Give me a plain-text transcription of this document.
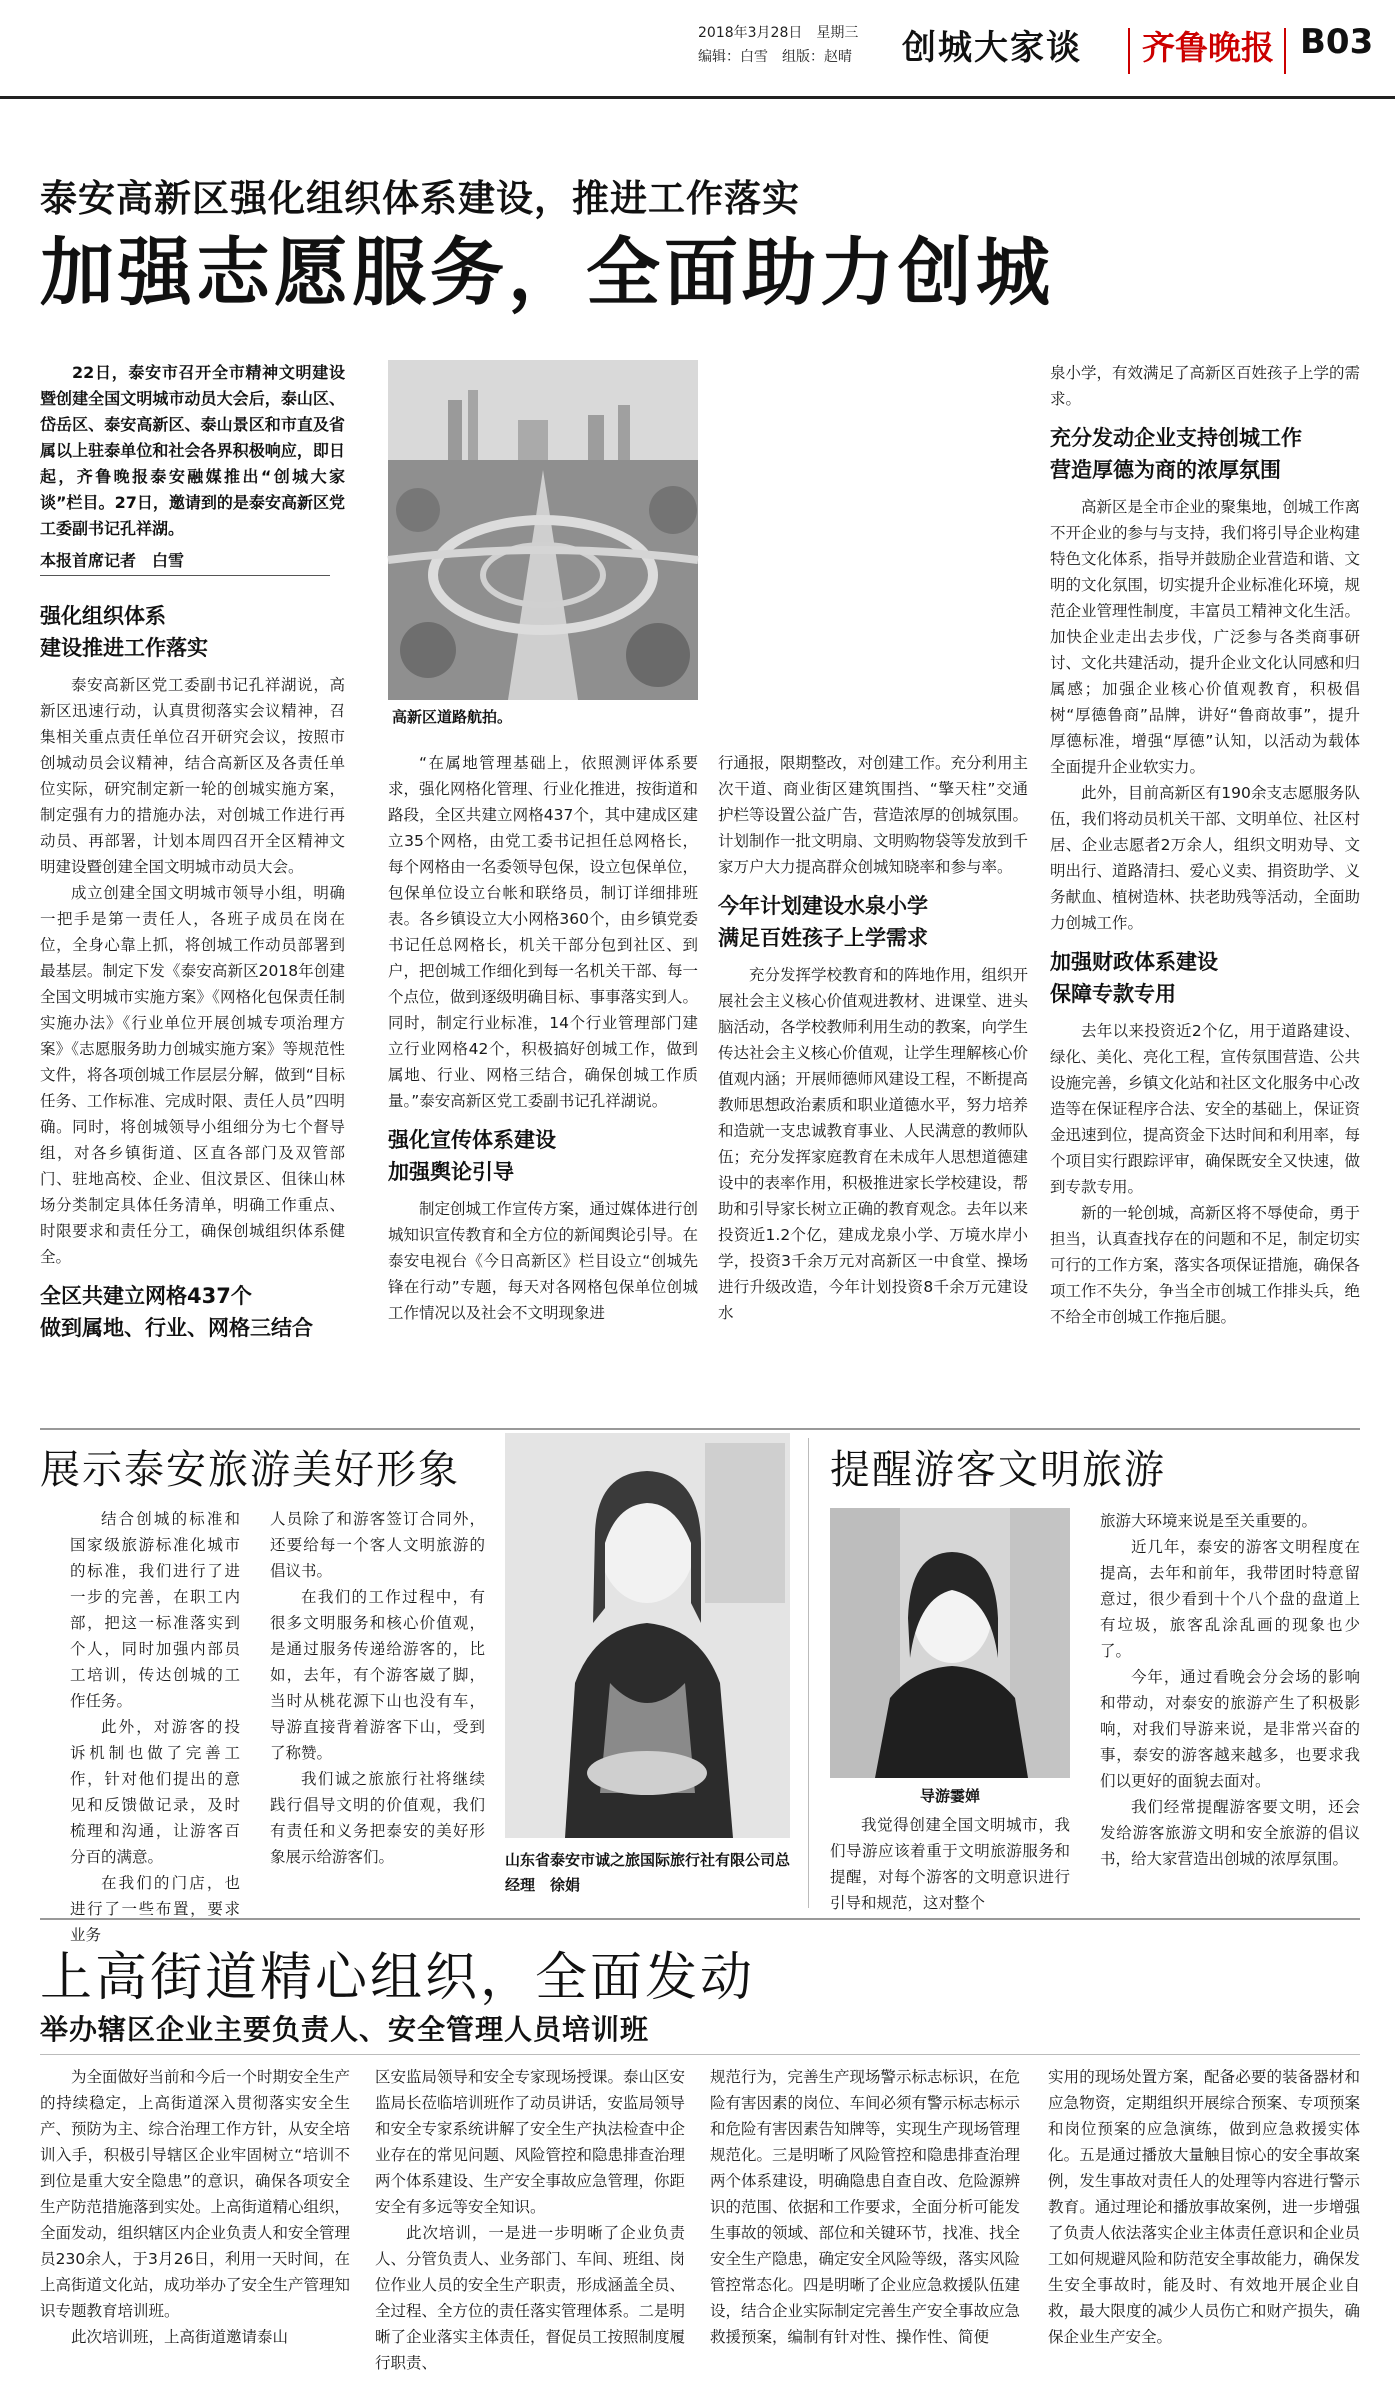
2018年3月28日　星期三
编辑：白雪　组版：赵晴 创城大家谈 齐鲁晚报 B03
泰安高新区强化组织体系建设，推进工作落实
加强志愿服务，全面助力创城

22日，泰安市召开全市精神文明建设暨创建全国文明城市动员大会后，泰山区、岱岳区、泰安高新区、泰山景区和市直及省属以上驻泰单位和社会各界积极响应，即日起，齐鲁晚报泰安融媒推出“创城大家谈”栏目。27日，邀请到的是泰安高新区党工委副书记孔祥湖。

本报首席记者　白雪
高新区道路航拍。
强化组织体系
建设推进工作落实

泰安高新区党工委副书记孔祥湖说，高新区迅速行动，认真贯彻落实会议精神，召集相关重点责任单位召开研究会议，按照市创城动员会议精神，结合高新区及各责任单位实际，研究制定新一轮的创城实施方案，制定强有力的措施办法，对创城工作进行再动员、再部署，计划本周四召开全区精神文明建设暨创建全国文明城市动员大会。

成立创建全国文明城市领导小组，明确一把手是第一责任人，各班子成员在岗在位，全身心靠上抓，将创城工作动员部署到最基层。制定下发《泰安高新区2018年创建全国文明城市实施方案》《网格化包保责任制实施办法》《行业单位开展创城专项治理方案》《志愿服务助力创城实施方案》等规范性文件，将各项创城工作层层分解，做到“目标任务、工作标准、完成时限、责任人员”四明确。同时，将创城领导小组细分为七个督导组，对各乡镇街道、区直各部门及双管部门、驻地高校、企业、伹汶景区、伹徕山林场分类制定具体任务清单，明确工作重点、时限要求和责任分工，确保创城组织体系健全。

全区共建立网格437个
做到属地、行业、网格三结合

“在属地管理基础上，依照测评体系要求，强化网格化管理、行业化推进，按街道和路段，全区共建立网格437个，其中建成区建立35个网格，由党工委书记担任总网格长，每个网格由一名委领导包保，设立包保单位，包保单位设立台帐和联络员，制订详细排班表。各乡镇设立大小网格360个，由乡镇党委书记任总网格长，机关干部分包到社区、到户，把创城工作细化到每一名机关干部、每一个点位，做到逐级明确目标、事事落实到人。同时，制定行业标准，14个行业管理部门建立行业网格42个，积极搞好创城工作，做到属地、行业、网格三结合，确保创城工作质量。”泰安高新区党工委副书记孔祥湖说。

强化宣传体系建设
加强舆论引导

制定创城工作宣传方案，通过媒体进行创城知识宣传教育和全方位的新闻舆论引导。在泰安电视台《今日高新区》栏目设立“创城先锋在行动”专题，每天对各网格包保单位创城工作情况以及社会不文明现象进

行通报，限期整改，对创建工作。充分利用主次干道、商业街区建筑围挡、“擎天柱”交通护栏等设置公益广告，营造浓厚的创城氛围。计划制作一批文明扇、文明购物袋等发放到千家万户大力提高群众创城知晓率和参与率。

今年计划建设水泉小学
满足百姓孩子上学需求

充分发挥学校教育和的阵地作用，组织开展社会主义核心价值观进教材、进课堂、进头脑活动，各学校教师利用生动的教案，向学生传达社会主义核心价值观，让学生理解核心价值观内涵；开展师德师风建设工程，不断提高教师思想政治素质和职业道德水平，努力培养和造就一支忠诚教育事业、人民满意的教师队伍；充分发挥家庭教育在未成年人思想道德建设中的表率作用，积极推进家长学校建设，帮助和引导家长树立正确的教育观念。去年以来投资近1.2个亿，建成龙泉小学、万境水岸小学，投资3千余万元对高新区一中食堂、操场进行升级改造，今年计划投资8千余万元建设水

泉小学，有效满足了高新区百姓孩子上学的需求。

充分发动企业支持创城工作
营造厚德为商的浓厚氛围

高新区是全市企业的聚集地，创城工作离不开企业的参与与支持，我们将引导企业构建特色文化体系，指导并鼓励企业营造和谐、文明的文化氛围，切实提升企业标准化环境，规范企业管理性制度，丰富员工精神文化生活。加快企业走出去步伐，广泛参与各类商事研讨、文化共建活动，提升企业文化认同感和归属感；加强企业核心价值观教育，积极倡树“厚德鲁商”品牌，讲好“鲁商故事”，提升厚德标准，增强“厚德”认知，以活动为载体全面提升企业软实力。

此外，目前高新区有190余支志愿服务队伍，我们将动员机关干部、文明单位、社区村居、企业志愿者2万余人，组织文明劝导、文明出行、道路清扫、爱心义卖、捐资助学、义务献血、植树造林、扶老助残等活动，全面助力创城工作。

加强财政体系建设
保障专款专用

去年以来投资近2个亿，用于道路建设、绿化、美化、亮化工程，宣传氛围营造、公共设施完善，乡镇文化站和社区文化服务中心改造等在保证程序合法、安全的基础上，保证资金迅速到位，提高资金下达时间和利用率，每个项目实行跟踪评审，确保既安全又快速，做到专款专用。

新的一轮创城，高新区将不辱使命，勇于担当，认真查找存在的问题和不足，制定切实可行的工作方案，落实各项保证措施，确保各项工作不失分，争当全市创城工作排头兵，绝不给全市创城工作拖后腿。

展示泰安旅游美好形象

结合创城的标准和国家级旅游标准化城市的标准，我们进行了进一步的完善，在职工内部，把这一标准落实到个人，同时加强内部员工培训，传达创城的工作任务。

此外，对游客的投诉机制也做了完善工作，针对他们提出的意见和反馈做记录，及时梳理和沟通，让游客百分百的满意。

在我们的门店，也进行了一些布置，要求业务

人员除了和游客签订合同外，还要给每一个客人文明旅游的倡议书。

在我们的工作过程中，有很多文明服务和核心价值观，是通过服务传递给游客的，比如，去年，有个游客崴了脚，当时从桃花源下山也没有车，导游直接背着游客下山，受到了称赞。

我们诚之旅旅行社将继续践行倡导文明的价值观，我们有责任和义务把泰安的美好形象展示给游客们。	山东省泰安市诚之旅国际旅行社有限公司总经理　徐娟
提醒游客文明旅游
导游霎婵

我觉得创建全国文明城市，我们导游应该着重于文明旅游服务和提醒，对每个游客的文明意识进行引导和规范，这对整个

旅游大环境来说是至关重要的。

近几年，泰安的游客文明程度在提高，去年和前年，我带团时特意留意过，很少看到十个八个盘的盘道上有垃圾，旅客乱涂乱画的现象也少了。

今年，通过看晚会分会场的影响和带动，对泰安的旅游产生了积极影响，对我们导游来说，是非常兴奋的事，泰安的游客越来越多，也要求我们以更好的面貌去面对。

我们经常提醒游客要文明，还会发给游客旅游文明和安全旅游的倡议书，给大家营造出创城的浓厚氛围。

上高街道精心组织，全面发动
举办辖区企业主要负责人、安全管理人员培训班

为全面做好当前和今后一个时期安全生产的持续稳定，上高街道深入贯彻落实安全生产、预防为主、综合治理工作方针，从安全培训入手，积极引导辖区企业牢固树立“培训不到位是重大安全隐患”的意识，确保各项安全生产防范措施落到实处。上高街道精心组织，全面发动，组织辖区内企业负责人和安全管理员230余人，于3月26日，利用一天时间，在上高街道文化站，成功举办了安全生产管理知识专题教育培训班。

此次培训班，上高街道邀请泰山

区安监局领导和安全专家现场授课。泰山区安监局长莅临培训班作了动员讲话，安监局领导和安全专家系统讲解了安全生产执法检查中企业存在的常见问题、风险管控和隐患排查治理两个体系建设、生产安全事故应急管理，你距安全有多远等安全知识。

此次培训，一是进一步明晰了企业负责人、分管负责人、业务部门、车间、班组、岗位作业人员的安全生产职责，形成涵盖全员、全过程、全方位的责任落实管理体系。二是明晰了企业落实主体责任，督促员工按照制度履行职责、

规范行为，完善生产现场警示标志标识，在危险有害因素的岗位、车间必须有警示标志标示和危险有害因素告知牌等，实现生产现场管理规范化。三是明晰了风险管控和隐患排查治理两个体系建设，明确隐患自查自改、危险源辨识的范围、依据和工作要求，全面分析可能发生事故的领域、部位和关键环节，找准、找全安全生产隐患，确定安全风险等级，落实风险管控常态化。四是明晰了企业应急救援队伍建设，结合企业实际制定完善生产安全事故应急救援预案，编制有针对性、操作性、简便

实用的现场处置方案，配备必要的装备器材和应急物资，定期组织开展综合预案、专项预案和岗位预案的应急演练，做到应急救援实体化。五是通过播放大量触目惊心的安全事故案例，发生事故对责任人的处理等内容进行警示教育。通过理论和播放事故案例，进一步增强了负责人依法落实企业主体责任意识和企业员工如何规避风险和防范安全事故能力，确保发生安全事故时，能及时、有效地开展企业自救，最大限度的减少人员伤亡和财产损失，确保企业生产安全。
